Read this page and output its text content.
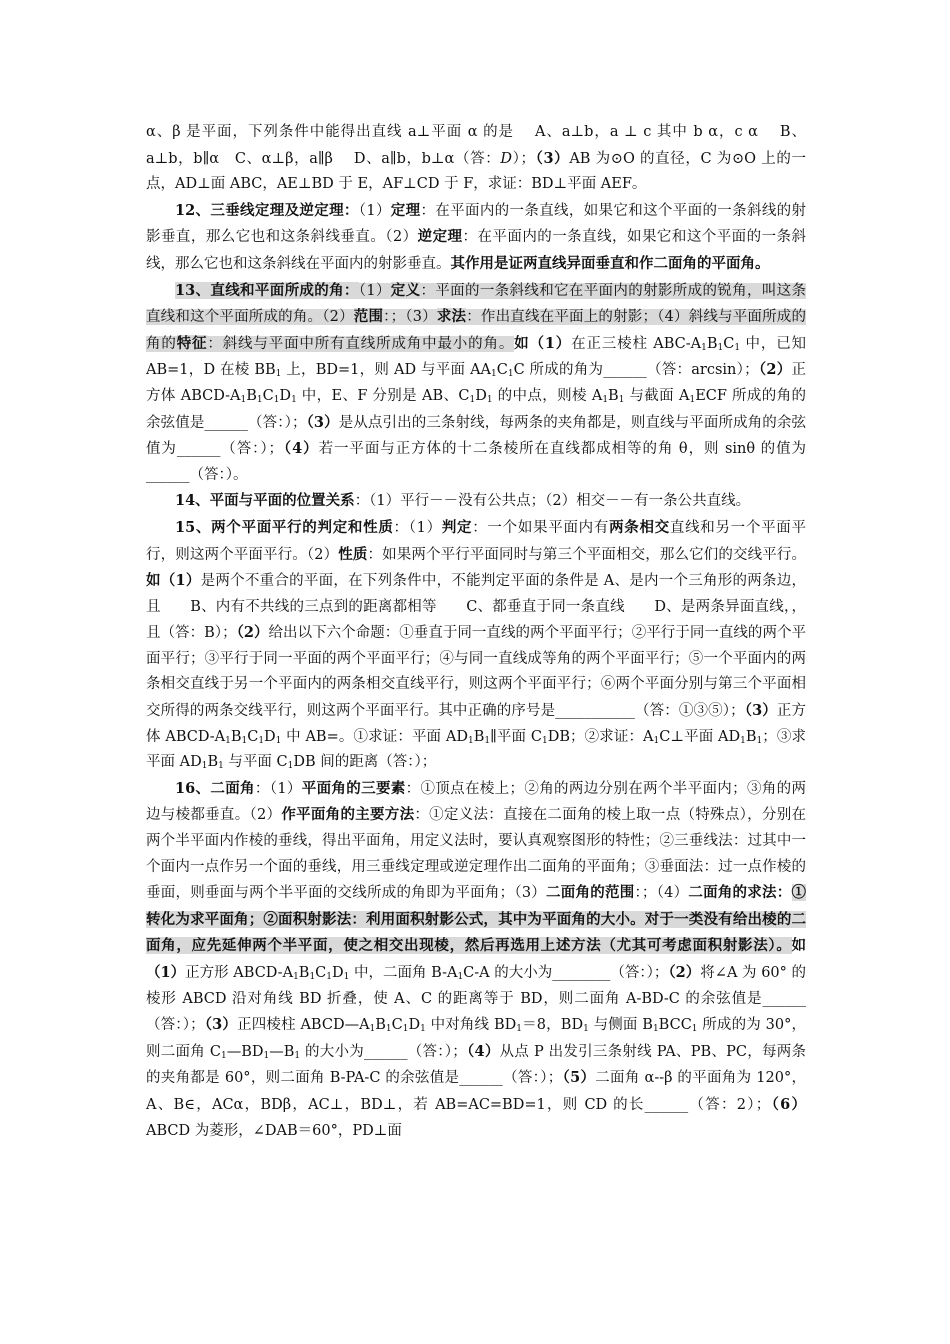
α、β 是平面，下列条件中能得出直线 a⊥平面 α 的是　 A、a⊥b，a ⊥ c 其中 b α，c α　 B、a⊥b，b∥α　C、α⊥β，a∥β　 D、a∥b，b⊥α（答：D）；（3）AB 为⊙O 的直径，C 为⊙O 上的一点，AD⊥面 ABC，AE⊥BD 于 E，AF⊥CD 于 F，求证：BD⊥平面 AEF。

12、三垂线定理及逆定理：（1）定理：在平面内的一条直线，如果它和这个平面的一条斜线的射影垂直，那么它也和这条斜线垂直。（2）逆定理：在平面内的一条直线，如果它和这个平面的一条斜线，那么它也和这条斜线在平面内的射影垂直。其作用是证两直线异面垂直和作二面角的平面角。

13、直线和平面所成的角：（1）定义：平面的一条斜线和它在平面内的射影所成的锐角，叫这条直线和这个平面所成的角。（2）范围：；（3）求法：作出直线在平面上的射影；（4）斜线与平面所成的角的特征：斜线与平面中所有直线所成角中最小的角。如（1）在正三棱柱 ABC-$A_1B_1C_1$ 中，已知 AB=1，D 在棱 $BB_1$ 上，BD=1，则 AD 与平面 $AA_1C_1C$ 所成的角为______（答：arcsin）；（2）正方体 ABCD-$A_1B_1C_1D_1$ 中，E、F 分别是 AB、$C_1D_1$ 的中点，则棱 $A_1B_1$ 与截面 $A_1ECF$ 所成的角的余弦值是______（答：）；（3）是从点引出的三条射线，每两条的夹角都是，则直线与平面所成角的余弦值为______（答：）；（4）若一平面与正方体的十二条棱所在直线都成相等的角 θ，则 sinθ 的值为______（答：）。

14、平面与平面的位置关系：（1）平行－－没有公共点；（2）相交－－有一条公共直线。

15、两个平面平行的判定和性质：（1）判定：一个如果平面内有两条相交直线和另一个平面平行，则这两个平面平行。（2）性质：如果两个平行平面同时与第三个平面相交，那么它们的交线平行。如（1）是两个不重合的平面，在下列条件中，不能判定平面的条件是 A、是内一个三角形的两条边，且　　B、内有不共线的三点到的距离都相等　　C、都垂直于同一条直线　　D、是两条异面直线，，且（答：B）；（2）给出以下六个命题：①垂直于同一直线的两个平面平行；②平行于同一直线的两个平面平行；③平行于同一平面的两个平面平行；④与同一直线成等角的两个平面平行；⑤一个平面内的两条相交直线于另一个平面内的两条相交直线平行，则这两个平面平行；⑥两个平面分别与第三个平面相交所得的两条交线平行，则这两个平面平行。其中正确的序号是___________（答：①③⑤）；（3）正方体 ABCD-$A_1B_1C_1D_1$ 中 AB=。①求证：平面 $AD_1B_1\parallel$平面 $C_1DB$；②求证：$A_1C\perp$平面 $AD_1B_1$；③求平面 $AD_1B_1$ 与平面 $C_1DB$ 间的距离（答：）；

16、二面角：（1）平面角的三要素：①顶点在棱上；②角的两边分别在两个半平面内；③角的两边与棱都垂直。（2）作平面角的主要方法：①定义法：直接在二面角的棱上取一点（特殊点），分别在两个半平面内作棱的垂线，得出平面角，用定义法时，要认真观察图形的特性；②三垂线法：过其中一个面内一点作另一个面的垂线，用三垂线定理或逆定理作出二面角的平面角；③垂面法：过一点作棱的垂面，则垂面与两个半平面的交线所成的角即为平面角；（3）二面角的范围：；（4）二面角的求法：①转化为求平面角；②面积射影法：利用面积射影公式，其中为平面角的大小。对于一类没有给出棱的二面角，应先延伸两个半平面，使之相交出现棱，然后再选用上述方法（尤其可考虑面积射影法）。如（1）正方形 ABCD-$A_1B_1C_1D_1$ 中，二面角 $B-A_1C-A$ 的大小为________（答：）；（2）将∠A 为 60° 的棱形 ABCD 沿对角线 BD 折叠，使 A、C 的距离等于 BD，则二面角 A-BD-C 的余弦值是______（答：）；（3）正四棱柱 $ABCD—A_1B_1C_1D_1$ 中对角线 $BD_1=8$，$BD_1$ 与侧面 $B_1BCC_1$ 所成的为 30°，则二面角 $C_1—BD_1—B_1$ 的大小为______（答：）；（4）从点 P 出发引三条射线 PA、PB、PC，每两条的夹角都是 60°，则二面角 B-PA-C 的余弦值是______（答：）；（5）二面角 α--β 的平面角为 120°，A、B∈，ACα，BDβ，AC⊥，BD⊥，若 AB=AC=BD=1，则 CD 的长______（答：2）；（6）ABCD 为菱形，∠DAB＝60°，PD⊥面
